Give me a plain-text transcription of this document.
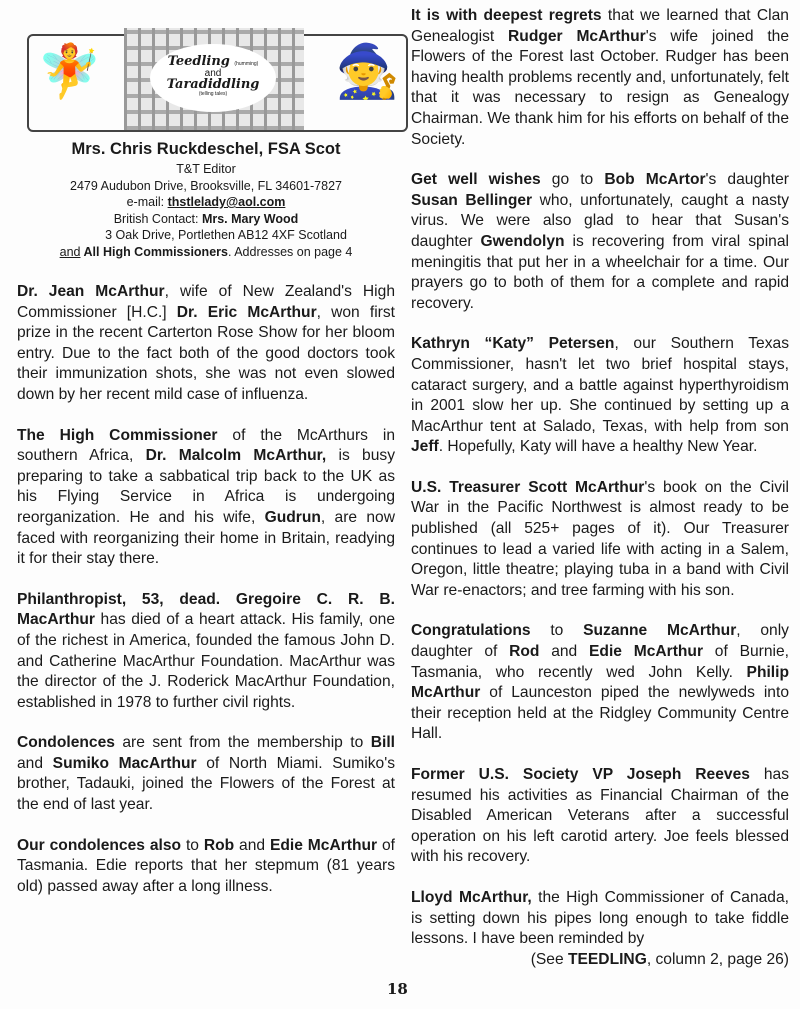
🧚	Teedling (humming)
and
Taradiddling
(telling tales)	🧙
Mrs. Chris Ruckdeschel, FSA Scot
T&T Editor
2479 Audubon Drive, Brooksville, FL 34601-7827
e-mail: thstlelady@aol.com
British Contact: Mrs. Mary Wood
3 Oak Drive, Portlethen AB12 4XF Scotland
and All High Commissioners. Addresses on page 4

Dr. Jean McArthur, wife of New Zealand's High Commissioner [H.C.] Dr. Eric McArthur, won first prize in the recent Carterton Rose Show for her bloom entry. Due to the fact both of the good doctors took their immunization shots, she was not even slowed down by her recent mild case of influenza.

The High Commissioner of the McArthurs in southern Africa, Dr. Malcolm McArthur, is busy preparing to take a sabbatical trip back to the UK as his Flying Service in Africa is undergoing reorganization. He and his wife, Gudrun, are now faced with reorganizing their home in Britain, readying it for their stay there.

Philanthropist, 53, dead. Gregoire C. R. B. MacArthur has died of a heart attack. His family, one of the richest in America, founded the famous John D. and Catherine MacArthur Foundation. MacArthur was the director of the J. Roderick MacArthur Foundation, established in 1978 to further civil rights.

Condolences are sent from the membership to Bill and Sumiko MacArthur of North Miami. Sumiko's brother, Tadauki, joined the Flowers of the Forest at the end of last year.

Our condolences also to Rob and Edie McArthur of Tasmania. Edie reports that her stepmum (81 years old) passed away after a long illness.

It is with deepest regrets that we learned that Clan Genealogist Rudger McArthur's wife joined the Flowers of the Forest last October. Rudger has been having health problems recently and, unfortunately, felt that it was necessary to resign as Genealogy Chairman. We thank him for his efforts on behalf of the Society.

Get well wishes go to Bob McArtor's daughter Susan Bellinger who, unfortunately, caught a nasty virus. We were also glad to hear that Susan's daughter Gwendolyn is recovering from viral spinal meningitis that put her in a wheelchair for a time. Our prayers go to both of them for a complete and rapid recovery.

Kathryn “Katy” Petersen, our Southern Texas Commissioner, hasn't let two brief hospital stays, cataract surgery, and a battle against hyperthyroidism in 2001 slow her up. She continued by setting up a MacArthur tent at Salado, Texas, with help from son Jeff. Hopefully, Katy will have a healthy New Year.

U.S. Treasurer Scott McArthur's book on the Civil War in the Pacific Northwest is almost ready to be published (all 525+ pages of it). Our Treasurer continues to lead a varied life with acting in a Salem, Oregon, little theatre; playing tuba in a band with Civil War re-enactors; and tree farming with his son.

Congratulations to Suzanne McArthur, only daughter of Rod and Edie McArthur of Burnie, Tasmania, who recently wed John Kelly. Philip McArthur of Launceston piped the newlyweds into their reception held at the Ridgley Community Centre Hall.

Former U.S. Society VP Joseph Reeves has resumed his activities as Financial Chairman of the Disabled American Veterans after a successful operation on his left carotid artery. Joe feels blessed with his recovery.

Lloyd McArthur, the High Commissioner of Canada, is setting down his pipes long enough to take fiddle lessons. I have been reminded by

(See TEEDLING, column 2, page 26)
18
